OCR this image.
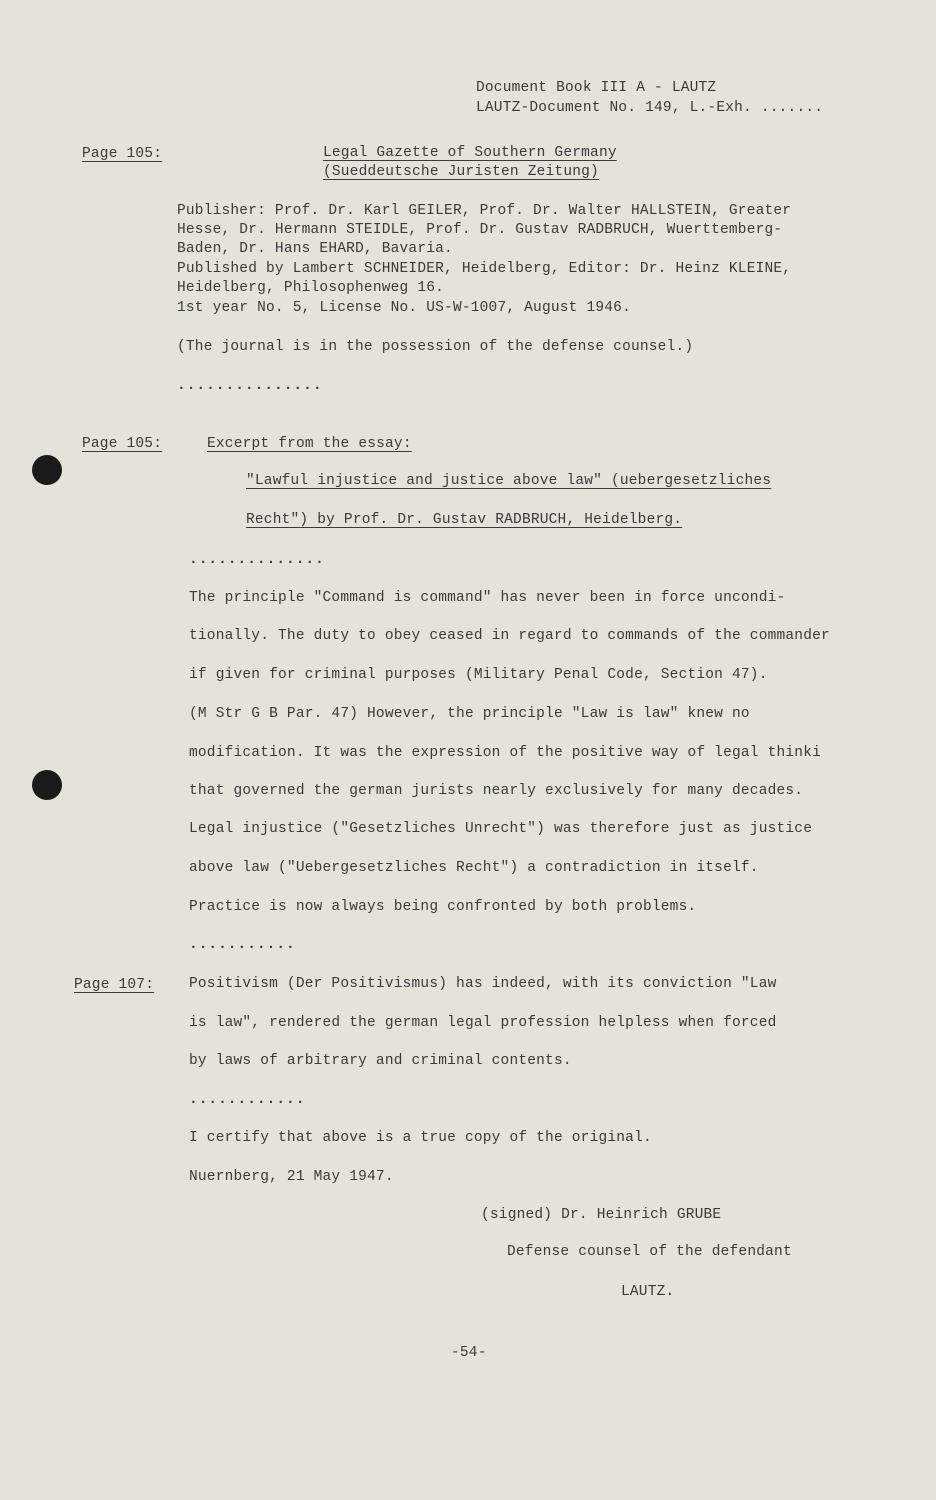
Document Book III A - LAUTZ
LAUTZ-Document No. 149, L.-Exh. .......
Page 105:	Legal Gazette of Southern Germany
(Sueddeutsche Juristen Zeitung)
Publisher: Prof. Dr. Karl GEILER, Prof. Dr. Walter HALLSTEIN, Greater
Hesse, Dr. Hermann STEIDLE, Prof. Dr. Gustav RADBRUCH, Wuerttemberg-
Baden, Dr. Hans EHARD, Bavaria.
Published by Lambert SCHNEIDER, Heidelberg, Editor: Dr. Heinz KLEINE,
Heidelberg, Philosophenweg 16.
1st year No. 5, License No. US-W-1007, August 1946.
(The journal is in the possession of the defense counsel.)
...............
Page 105:	Excerpt from the essay:
"Lawful injustice and justice above law" (uebergesetzliches
Recht") by Prof. Dr. Gustav RADBRUCH, Heidelberg.
..............
The principle "Command is command" has never been in force uncondi-
tionally. The duty to obey ceased in regard to commands of the commander
if given for criminal purposes (Military Penal Code, Section 47).
(M Str G B Par. 47) However, the principle "Law is law" knew no
modification. It was the expression of the positive way of legal thinki
that governed the german jurists nearly exclusively for many decades.
Legal injustice ("Gesetzliches Unrecht") was therefore just as justice
above law ("Uebergesetzliches Recht") a contradiction in itself.
Practice is now always being confronted by both problems.
...........
Page 107: Positivism (Der Positivismus) has indeed, with its conviction "Law
is law", rendered the german legal profession helpless when forced
by laws of arbitrary and criminal contents.
............
I certify that above is a true copy of the original.
Nuernberg, 21 May 1947.
(signed) Dr. Heinrich GRUBE
Defense counsel of the defendant
LAUTZ.
-54-
